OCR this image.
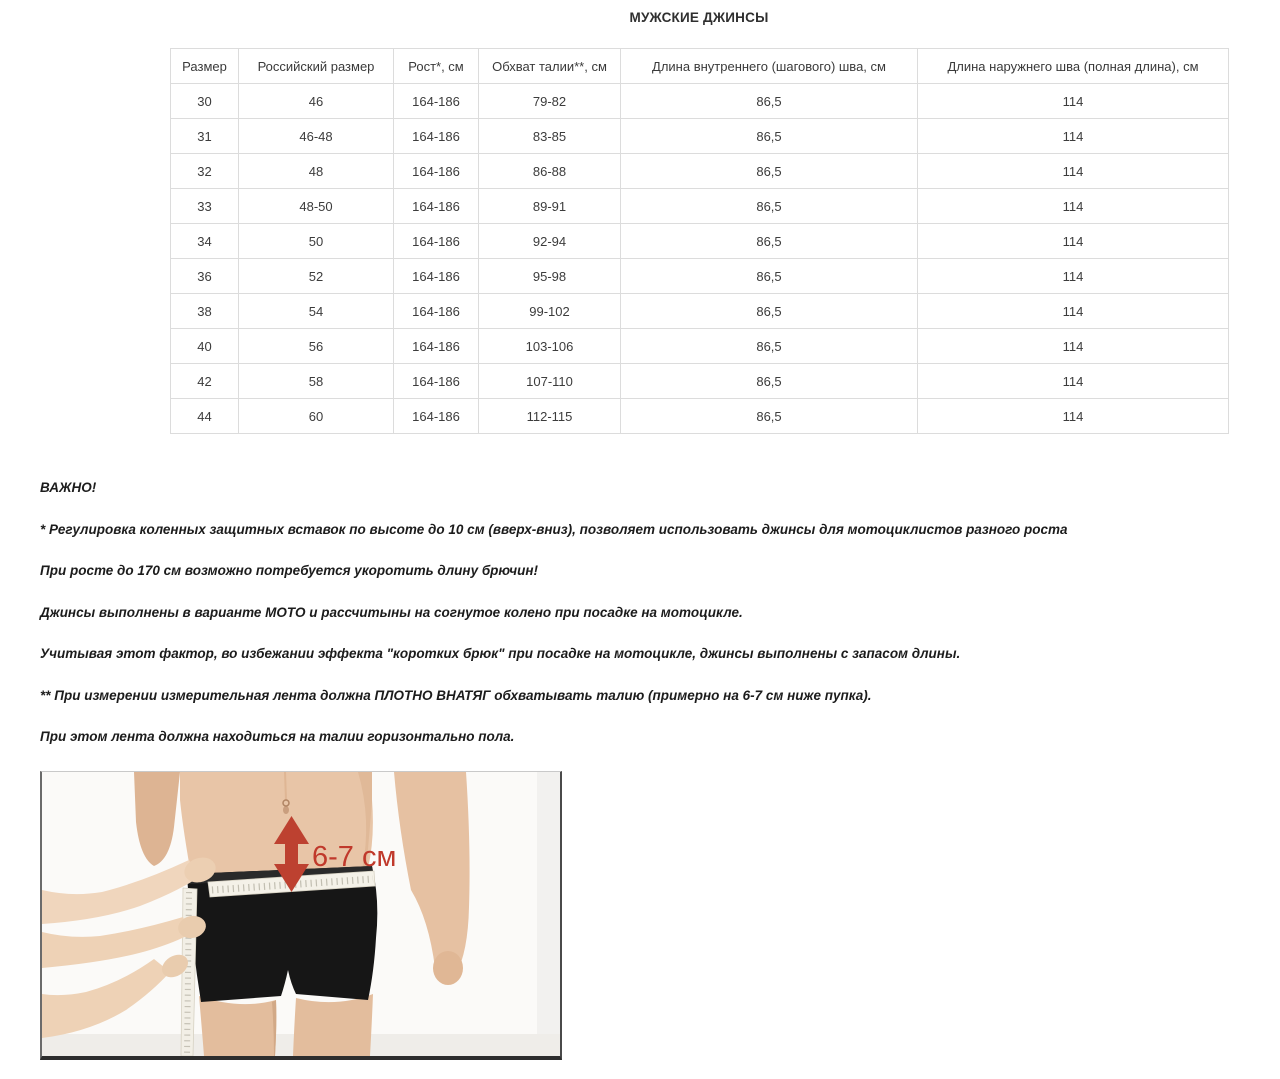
МУЖСКИЕ ДЖИНСЫ
Размер	Российский размер	Рост*, см	Обхват талии**, см	Длина внутреннего (шагового) шва, см	Длина наружнего шва (полная длина), см
30	46	164-186	79-82	86,5	114
31	46-48	164-186	83-85	86,5	114
32	48	164-186	86-88	86,5	114
33	48-50	164-186	89-91	86,5	114
34	50	164-186	92-94	86,5	114
36	52	164-186	95-98	86,5	114
38	54	164-186	99-102	86,5	114
40	56	164-186	103-106	86,5	114
42	58	164-186	107-110	86,5	114
44	60	164-186	112-115	86,5	114

ВАЖНО!

* Регулировка коленных защитных вставок по высоте до 10 см (вверх-вниз), позволяет использовать джинсы для мотоциклистов разного роста

При росте до 170 см возможно потребуется укоротить длину брючин!

Джинсы выполнены в варианте МОТО и рассчитыны на согнутое колено при посадке на мотоцикле.

Учитывая этот фактор, во избежании эффекта "коротких брюк" при посадке на мотоцикле, джинсы выполнены с запасом длины.

** При измерении измерительная лента должна ПЛОТНО ВНАТЯГ обхватывать талию (примерно на 6-7 см ниже пупка).

При этом лента должна находиться на талии горизонтально пола.

6-7 см
